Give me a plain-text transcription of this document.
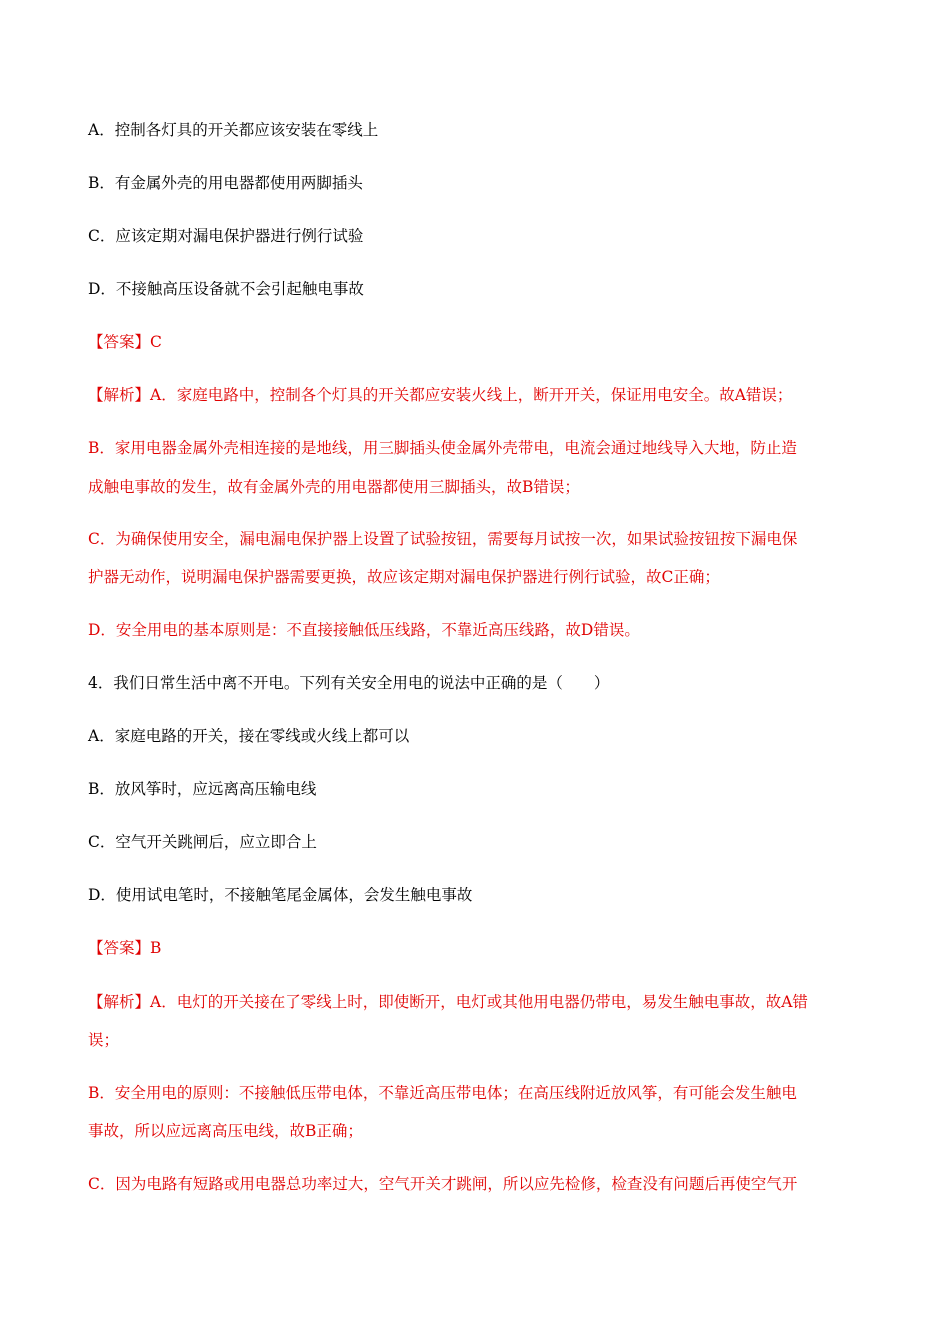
A．控制各灯具的开关都应该安装在零线上
B．有金属外壳的用电器都使用两脚插头
C．应该定期对漏电保护器进行例行试验
D．不接触高压设备就不会引起触电事故
【答案】C
【解析】A．家庭电路中，控制各个灯具的开关都应安装火线上，断开开关，保证用电安全。故A错误；
B．家用电器金属外壳相连接的是地线，用三脚插头使金属外壳带电，电流会通过地线导入大地，防止造
成触电事故的发生，故有金属外壳的用电器都使用三脚插头，故B错误；
C．为确保使用安全，漏电漏电保护器上设置了试验按钮，需要每月试按一次，如果试验按钮按下漏电保
护器无动作，说明漏电保护器需要更换，故应该定期对漏电保护器进行例行试验，故C正确；
D．安全用电的基本原则是：不直接接触低压线路，不靠近高压线路，故D错误。
4．我们日常生活中离不开电。下列有关安全用电的说法中正确的是（　　）
A．家庭电路的开关，接在零线或火线上都可以
B．放风筝时，应远离高压输电线
C．空气开关跳闸后，应立即合上
D．使用试电笔时，不接触笔尾金属体，会发生触电事故
【答案】B
【解析】A．电灯的开关接在了零线上时，即使断开，电灯或其他用电器仍带电，易发生触电事故，故A错
误；
B．安全用电的原则：不接触低压带电体，不靠近高压带电体；在高压线附近放风筝，有可能会发生触电
事故，所以应远离高压电线，故B正确；
C．因为电路有短路或用电器总功率过大，空气开关才跳闸，所以应先检修，检查没有问题后再使空气开
